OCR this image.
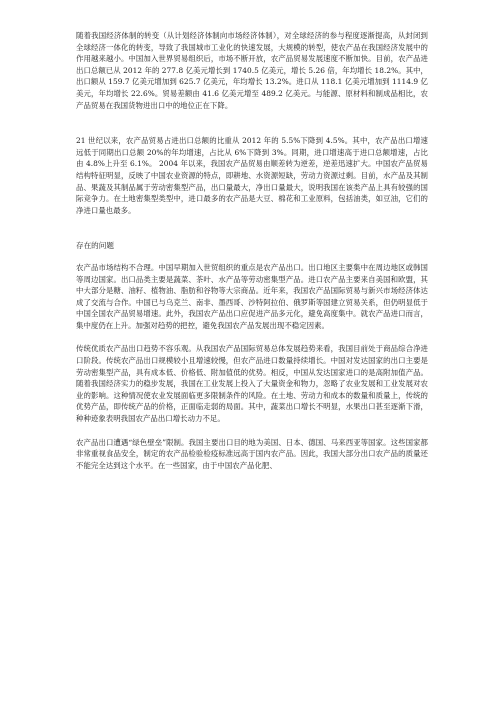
随着我国经济体制的转变（从计划经济体制向市场经济体制），对全球经济的参与程度逐渐提高，从封闭到全球经济一体化的转变，导致了我国城市工业化的快速发展，大规模的转型，使农产品在我国经济发展中的作用越来越小。中国加入世界贸易组织后，市场不断开放，农产品贸易发展速度不断加快。目前，农产品进出口总额已从 2012 年的 277.8 亿美元增长到 1740.5 亿美元，增长 5.26 倍，年均增长 18.2%。其中，出口额从 159.7 亿美元增加到 625.7 亿美元，年均增长 13.2%。进口从 118.1 亿美元增加到 1114.9 亿美元，年均增长 22.6%。贸易差额由 41.6 亿美元增至 489.2 亿美元。与能源、原材料和制成品相比，农产品贸易在我国货物进出口中的地位正在下降。

21 世纪以来，农产品贸易占进出口总额的比重从 2012 年的 5.5%下降到 4.5%。其中，农产品出口增速远低于同期出口总额 20%的年均增速，占比从 6%下降到 3%。同期，进口增速高于进口总额增速，占比由 4.8%上升至 6.1%。 2004 年以来，我国农产品贸易由顺差转为逆差，逆差迅速扩大。中国农产品贸易结构特征明显，反映了中国农业资源的特点，即耕地、水资源短缺，劳动力资源过剩。目前，水产品及其制品、果蔬及其制品属于劳动密集型产品，出口量最大，净出口量最大，说明我国在该类产品上具有较强的国际竞争力。在土地密集型类型中，进口最多的农产品是大豆、棉花和工业原料，包括油类，如豆油，它们的净进口量也最多。

存在的问题

农产品市场结构不合理。中国早期加入世贸组织的重点是农产品出口。出口地区主要集中在周边地区或韩国等周边国家。出口品类主要是蔬菜、茶叶、水产品等劳动密集型产品。进口农产品主要来自美国和欧盟，其中大部分是糖、油籽、植物油、脂肪和谷物等大宗商品。近年来，我国农产品国际贸易与新兴市场经济体达成了交流与合作。中国已与乌克兰、南非、墨西哥、沙特阿拉伯、俄罗斯等国建立贸易关系，但仍明显低于中国全国农产品贸易增速。此外，我国农产品出口应促进产品多元化，避免高度集中。就农产品进口而言，集中度仍在上升。加强对趋势的把控，避免我国农产品发展出现不稳定因素。

传统优质农产品出口趋势不容乐观。从我国农产品国际贸易总体发展趋势来看，我国目前处于商品综合净进口阶段。传统农产品出口规模较小且增速较慢，但农产品进口数量持续增长。中国对发达国家的出口主要是劳动密集型产品，具有成本低、价格低、附加值低的优势。相反，中国从发达国家进口的是高附加值产品。随着我国经济实力的稳步发展，我国在工业发展上投入了大量资金和物力，忽略了农业发展和工业发展对农业的影响。这种情况使农业发展面临更多限制条件的风险。在土地、劳动力和成本的数量和质量上，传统的优势产品，即传统产品的价格，正面临走弱的局面。其中，蔬菜出口增长不明显，水果出口甚至逐渐下滑，种种迹象表明我国农产品出口增长动力不足。

农产品出口遭遇“绿色壁垒”限制。我国主要出口目的地为美国、日本、德国、马来西亚等国家。这些国家都非常重视食品安全，制定的农产品检验检疫标准远高于国内农产品。因此，我国大部分出口农产品的质量还不能完全达到这个水平。在一些国家，由于中国农产品化肥、
